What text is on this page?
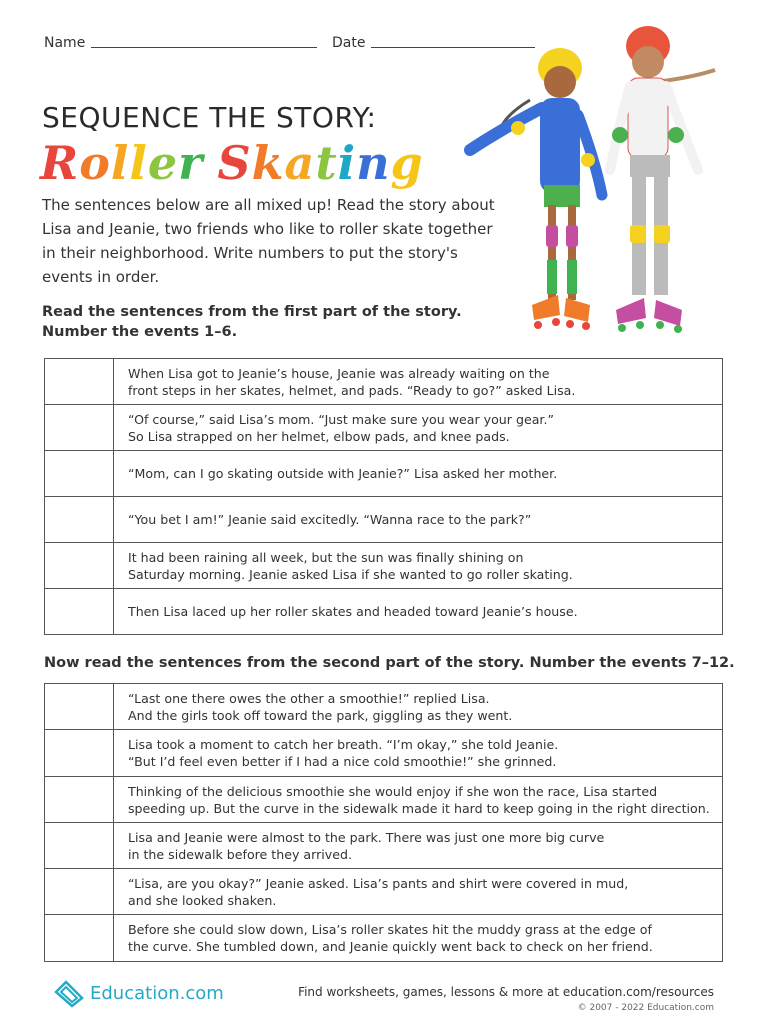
Name	Date
SEQUENCE THE STORY:
Roller Skating
The sentences below are all mixed up! Read the story about Lisa and Jeanie, two friends who like to roller skate together in their neighborhood. Write numbers to put the story's events in order.
Read the sentences from the first part of the story.
Number the events 1–6.
	When Lisa got to Jeanie’s house, Jeanie was already waiting on the
front steps in her skates, helmet, and pads. “Ready to go?” asked Lisa.
	“Of course,” said Lisa’s mom. “Just make sure you wear your gear.”
So Lisa strapped on her helmet, elbow pads, and knee pads.
	“Mom, can I go skating outside with Jeanie?” Lisa asked her mother.
	“You bet I am!” Jeanie said excitedly. “Wanna race to the park?”
	It had been raining all week, but the sun was finally shining on
Saturday morning. Jeanie asked Lisa if she wanted to go roller skating.
	Then Lisa laced up her roller skates and headed toward Jeanie’s house.
Now read the sentences from the second part of the story. Number the events 7–12.
	“Last one there owes the other a smoothie!” replied Lisa.
And the girls took off toward the park, giggling as they went.
	Lisa took a moment to catch her breath. “I’m okay,” she told Jeanie.
“But I’d feel even better if I had a nice cold smoothie!” she grinned.
	Thinking of the delicious smoothie she would enjoy if she won the race, Lisa started
speeding up. But the curve in the sidewalk made it hard to keep going in the right direction.
	Lisa and Jeanie were almost to the park. There was just one more big curve
in the sidewalk before they arrived.
	“Lisa, are you okay?” Jeanie asked. Lisa’s pants and shirt were covered in mud,
and she looked shaken.
	Before she could slow down, Lisa’s roller skates hit the muddy grass at the edge of
the curve. She tumbled down, and Jeanie quickly went back to check on her friend.
Education.com	Find worksheets, games, lessons & more at education.com/resources
© 2007 - 2022 Education.com
